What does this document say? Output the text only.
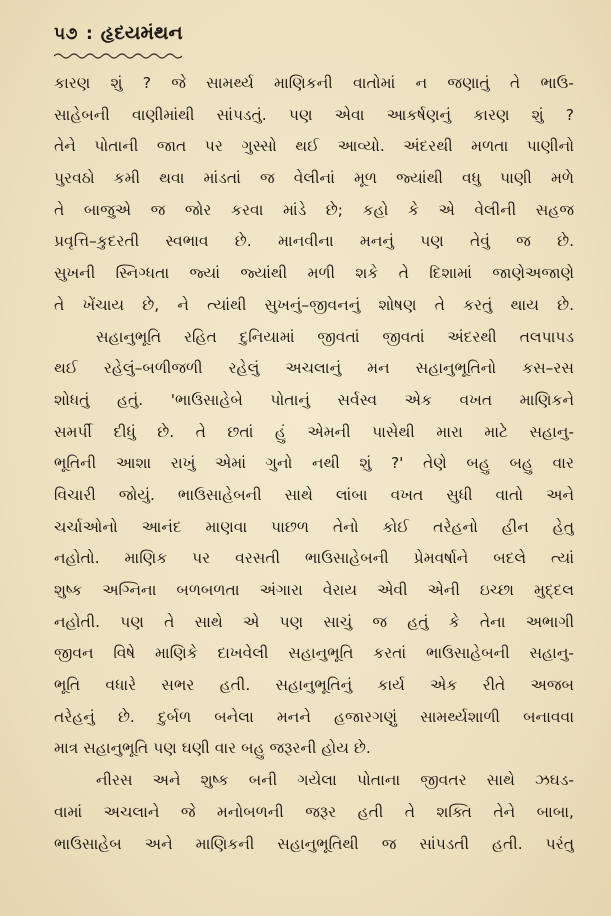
૫૭ : હૃદયમંથન
કારણ શું ? જે સામર્થ્ય માણિકની વાતોમાં ન જણાતું તે ભાઉ-
સાહેબની વાણીમાંથી સાંપડતું. પણ એવા આકર્ષણનું કારણ શું ?
તેને પોતાની જાત પર ગુસ્સો થઈ આવ્યો. અંદરથી મળતા પાણીનો
પુરવઠો કમી થવા માંડતાં જ વેલીનાં મૂળ જ્યાંથી વધુ પાણી મળે
તે બાજુએ જ જોર કરવા માંડે છે; કહો કે એ વેલીની સહજ
પ્રવૃત્તિ–કુદરતી સ્વભાવ છે. માનવીના મનનું પણ તેવું જ છે.
સુખની સ્નિગ્ધતા જ્યાં જ્યાંથી મળી શકે તે દિશામાં જાણેઅજાણે
તે ખેંચાય છે, ને ત્યાંથી સુખનું–જીવનનું શોષણ તે કરતું થાય છે.
સહાનુભૂતિ રહિત દુનિયામાં જીવતાં જીવતાં અંદરથી તલપાપડ
થઈ રહેલું–બળીજળી રહેલું અચલાનું મન સહાનુભૂતિનો કસ–રસ
શોધતું હતું. 'ભાઉસાહેબે પોતાનું સર્વસ્વ એક વખત માણિકને
સમર્પી દીધું છે. તે છતાં હું એમની પાસેથી મારા માટે સહાનુ-
ભૂતિની આશા રાખું એમાં ગુનો નથી શું ?' તેણે બહુ બહુ વાર
વિચારી જોયું. ભાઉસાહેબની સાથે લાંબા વખત સુધી વાતો અને
ચર્ચાઓનો આનંદ માણવા પાછળ તેનો કોઈ તરેહનો હીન હેતુ
નહોતો. માણિક પર વરસતી ભાઉસાહેબની પ્રેમવર્ષાને બદલે ત્યાં
શુષ્ક અગ્નિના બળબળતા અંગારા વેરાય એવી એની ઇચ્છા મુદ્દલ
નહોતી. પણ તે સાથે એ પણ સાચું જ હતું કે તેના અભાગી
જીવન વિષે માણિકે દાખવેલી સહાનુભૂતિ કરતાં ભાઉસાહેબની સહાનુ-
ભૂતિ વધારે સભર હતી. સહાનુભૂતિનું કાર્ય એક રીતે અજબ
તરેહનું છે. દુર્બળ બનેલા મનને હજારગણું સામર્થ્યશાળી બનાવવા
માત્ર સહાનુભૂતિ પણ ઘણી વાર બહુ જરૂરની હોય છે.
નીરસ અને શુષ્ક બની ગયેલા પોતાના જીવતર સાથે ઝઘડ-
વામાં અચલાને જે મનોબળની જરૂર હતી તે શક્તિ તેને બાબા,
ભાઉસાહેબ અને માણિકની સહાનુભૂતિથી જ સાંપડતી હતી. પરંતુ
